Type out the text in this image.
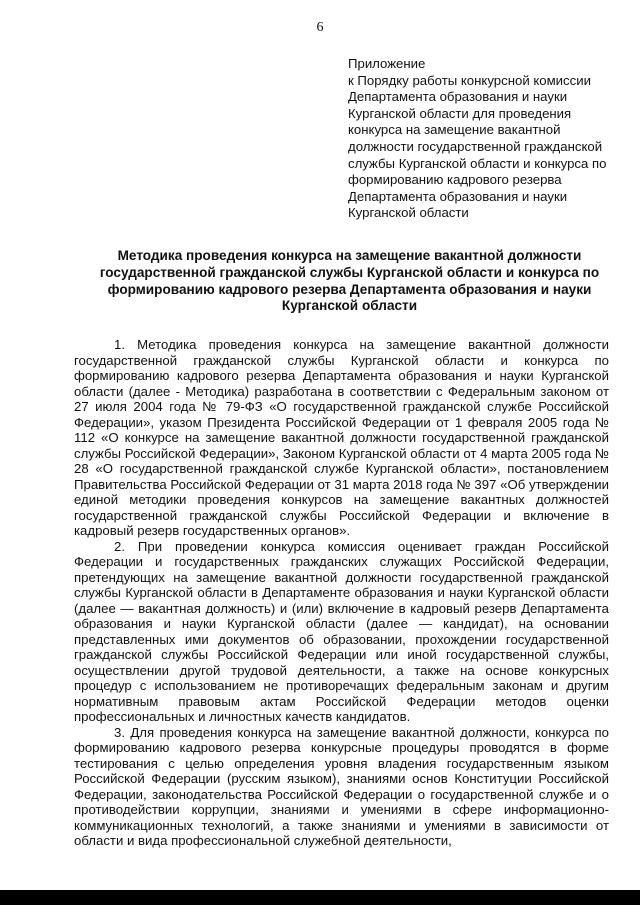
6
Приложение
к Порядку работы конкурсной комиссии
Департамента образования и науки
Курганской области для проведения
конкурса на замещение вакантной
должности государственной гражданской
службы Курганской области и конкурса по
формированию кадрового резерва
Департамента образования и науки
Курганской области
Методика проведения конкурса на замещение вакантной должности государственной гражданской службы Курганской области и конкурса по формированию кадрового резерва Департамента образования и науки Курганской области

1. Методика проведения конкурса на замещение вакантной должности государственной гражданской службы Курганской области и конкурса по формированию кадрового резерва Департамента образования и науки Курганской области (далее - Методика) разработана в соответствии с Федеральным законом от 27 июля 2004 года № 79-ФЗ «О государственной гражданской службе Российской Федерации», указом Президента Российской Федерации от 1 февраля 2005 года № 112 «О конкурсе на замещение вакантной должности государственной гражданской службы Российской Федерации», Законом Курганской области от 4 марта 2005 года № 28 «О государственной гражданской службе Курганской области», постановлением Правительства Российской Федерации от 31 марта 2018 года № 397 «Об утверждении единой методики проведения конкурсов на замещение вакантных должностей государственной гражданской службы Российской Федерации и включение в кадровый резерв государственных органов».

2. При проведении конкурса комиссия оценивает граждан Российской Федерации и государственных гражданских служащих Российской Федерации, претендующих на замещение вакантной должности государственной гражданской службы Курганской области в Департаменте образования и науки Курганской области (далее — вакантная должность) и (или) включение в кадровый резерв Департамента образования и науки Курганской области (далее — кандидат), на основании представленных ими документов об образовании, прохождении государственной гражданской службы Российской Федерации или иной государственной службы, осуществлении другой трудовой деятельности, а также на основе конкурсных процедур с использованием не противоречащих федеральным законам и другим нормативным правовым актам Российской Федерации методов оценки профессиональных и личностных качеств кандидатов.

3. Для проведения конкурса на замещение вакантной должности, конкурса по формированию кадрового резерва конкурсные процедуры проводятся в форме тестирования с целью определения уровня владения государственным языком Российской Федерации (русским языком), знаниями основ Конституции Российской Федерации, законодательства Российской Федерации о государственной службе и о противодействии коррупции, знаниями и умениями в сфере информационно-коммуникационных технологий, а также знаниями и умениями в зависимости от области и вида профессиональной служебной деятельности,
